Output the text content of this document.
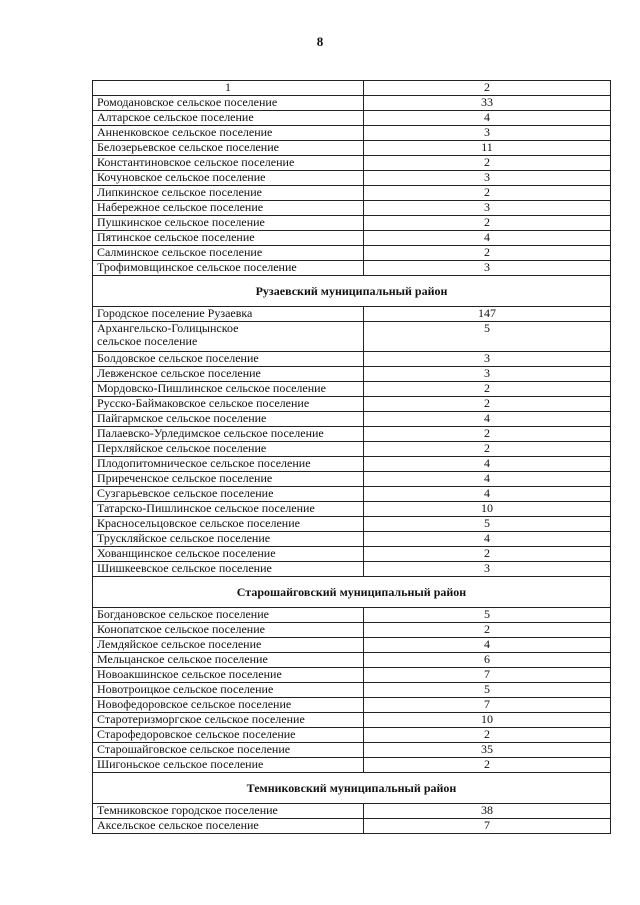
8
1	2
Ромодановское сельское поселение	33
Алтарское сельское поселение	4
Анненковское сельское поселение	3
Белозерьевское сельское поселение	11
Константиновское сельское поселение	2
Кочуновское сельское поселение	3
Липкинское сельское поселение	2
Набережное сельское поселение	3
Пушкинское сельское поселение	2
Пятинское сельское поселение	4
Салминское сельское поселение	2
Трофимовщинское сельское поселение	3
Рузаевский муниципальный район	
Городское поселение Рузаевка	147
Архангельско-Голицынское
сельское поселение	5
Болдовское сельское поселение	3
Левженское сельское поселение	3
Мордовско-Пишлинское сельское поселение	2
Русско-Баймаковское сельское поселение	2
Пайгармское сельское поселение	4
Палаевско-Урледимское сельское поселение	2
Перхляйское сельское поселение	2
Плодопитомническое сельское поселение	4
Приреченское сельское поселение	4
Сузгарьевское сельское поселение	4
Татарско-Пишлинское сельское поселение	10
Красносельцовское сельское поселение	5
Трускляйское сельское поселение	4
Хованщинское сельское поселение	2
Шишкеевское сельское поселение	3
Старошайговский муниципальный район	
Богдановское сельское поселение	5
Конопатское сельское поселение	2
Лемдяйское сельское поселение	4
Мельцанское сельское поселение	6
Новоакшинское сельское поселение	7
Новотроицкое сельское поселение	5
Новофедоровское сельское поселение	7
Старотеризморгское сельское поселение	10
Старофедоровское сельское поселение	2
Старошайговское сельское поселение	35
Шигоньское сельское поселение	2
Темниковский муниципальный район	
Темниковское городское поселение	38
Аксельское сельское поселение	7
